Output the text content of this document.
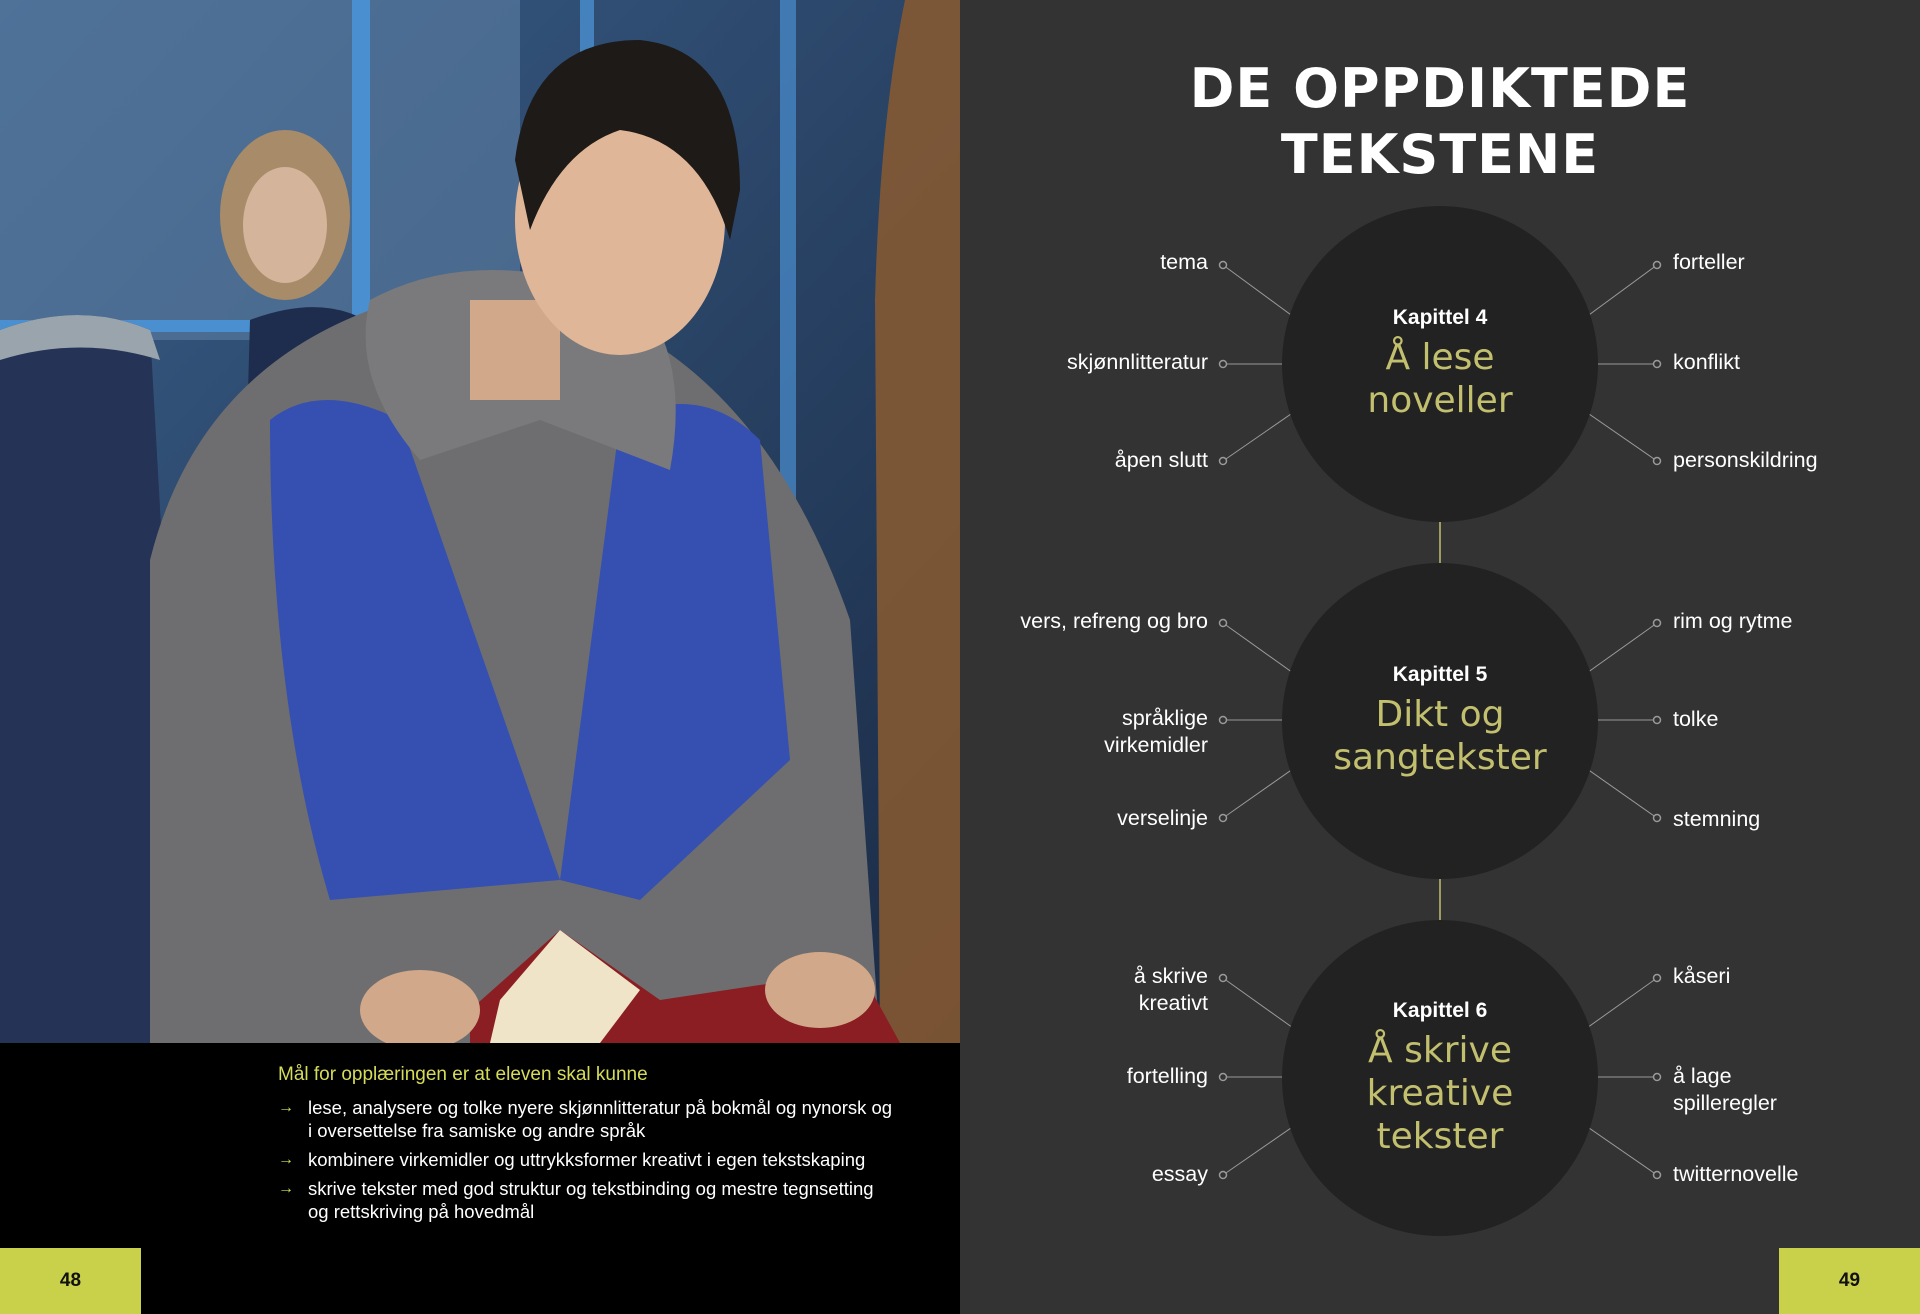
Mål for opplæringen er at eleven skal kunne

→ lese, analysere og tolke nyere skjønnlitteratur på bokmål og nynorsk og i oversettelse fra samiske og andre språk
→ kombinere virkemidler og uttrykksformer kreativt i egen tekstskaping
→ skrive tekster med god struktur og tekstbinding og mestre tegnsetting og rettskriving på hovedmål
48
DE OPPDIKTEDE
TEKSTENE
Kapittel 4
Å lese
noveller
tema
skjønnlitteratur
åpen slutt
forteller
konflikt
personskildring
Kapittel 5
Dikt og
sangtekster
vers, refreng og bro
språklige virkemidler
verselinje
rim og rytme
tolke
stemning
Kapittel 6
Å skrive
kreative
tekster
å skrive kreativt
fortelling
essay
kåseri
å lage spilleregler
twitternovelle
49
